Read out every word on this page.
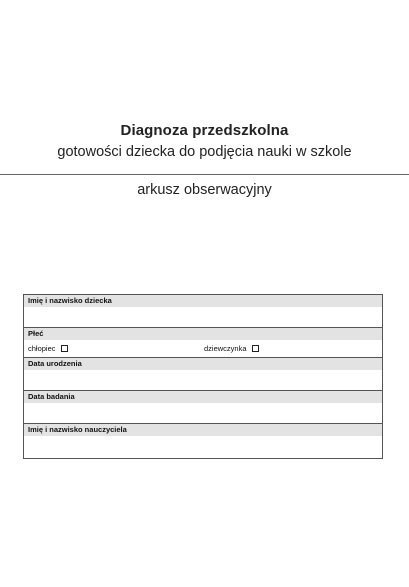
Diagnoza przedszkolna
gotowości dziecka do podjęcia nauki w szkole
arkusz obserwacyjny
Imię i nazwisko dziecka
Płeć
chłopiec	dziewczynka
Data urodzenia
Data badania
Imię i nazwisko nauczyciela
